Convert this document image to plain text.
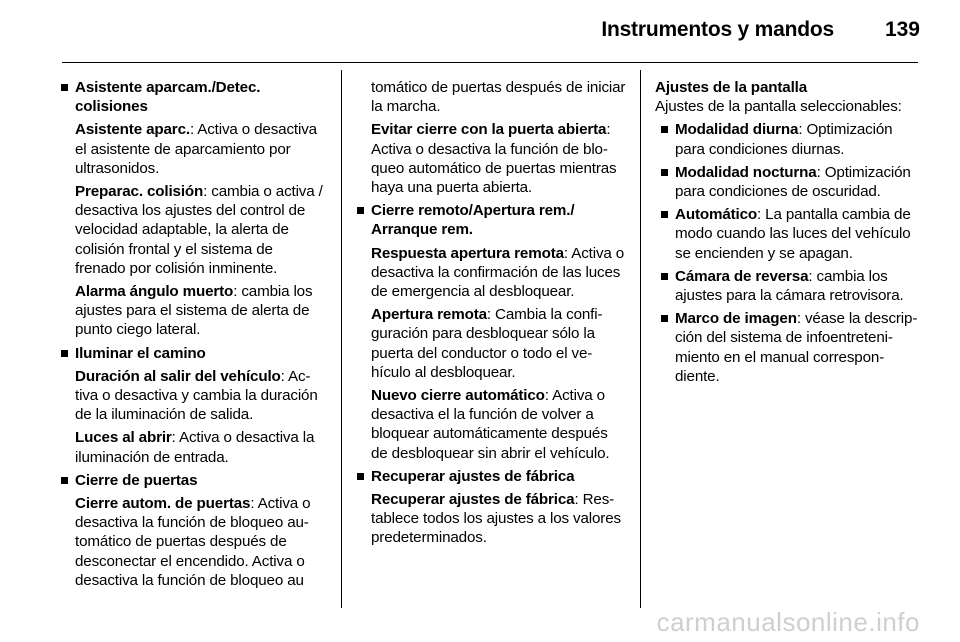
Instrumentos y mandos 139
Asistente aparcam./Detec. colisiones
Asistente aparc.: Activa o desactiva el asistente de aparcamiento por ultrasonidos.
Preparac. colisión: cambia o activa / desactiva los ajustes del control de velocidad adaptable, la alerta de colisión frontal y el sistema de frenado por colisión inminente.
Alarma ángulo muerto: cambia los ajustes para el sistema de alerta de punto ciego lateral.
Iluminar el camino
Duración al salir del vehículo: Activa o desactiva y cambia la duración de la iluminación de salida.
Luces al abrir: Activa o desactiva la iluminación de entrada.
Cierre de puertas
Cierre autom. de puertas: Activa o desactiva la función de bloqueo automático de puertas después de desconectar el encendido. Activa o desactiva la función de bloqueo au
tomático de puertas después de iniciar la marcha.
Evitar cierre con la puerta abierta: Activa o desactiva la función de bloqueo automático de puertas mientras haya una puerta abierta.
Cierre remoto/Apertura rem./ Arranque rem.
Respuesta apertura remota: Activa o desactiva la confirmación de las luces de emergencia al desbloquear.
Apertura remota: Cambia la configuración para desbloquear sólo la puerta del conductor o todo el vehículo al desbloquear.
Nuevo cierre automático: Activa o desactiva el la función de volver a bloquear automáticamente después de desbloquear sin abrir el vehículo.
Recuperar ajustes de fábrica
Recuperar ajustes de fábrica: Restablece todos los ajustes a los valores predeterminados.
Ajustes de la pantalla
Ajustes de la pantalla seleccionables:
Modalidad diurna: Optimización para condiciones diurnas.
Modalidad nocturna: Optimización para condiciones de oscuridad.
Automático: La pantalla cambia de modo cuando las luces del vehículo se encienden y se apagan.
Cámara de reversa: cambia los ajustes para la cámara retrovisora.
Marco de imagen: véase la descripción del sistema de infoentretenimiento en el manual correspondiente.
carmanualsonline.info
